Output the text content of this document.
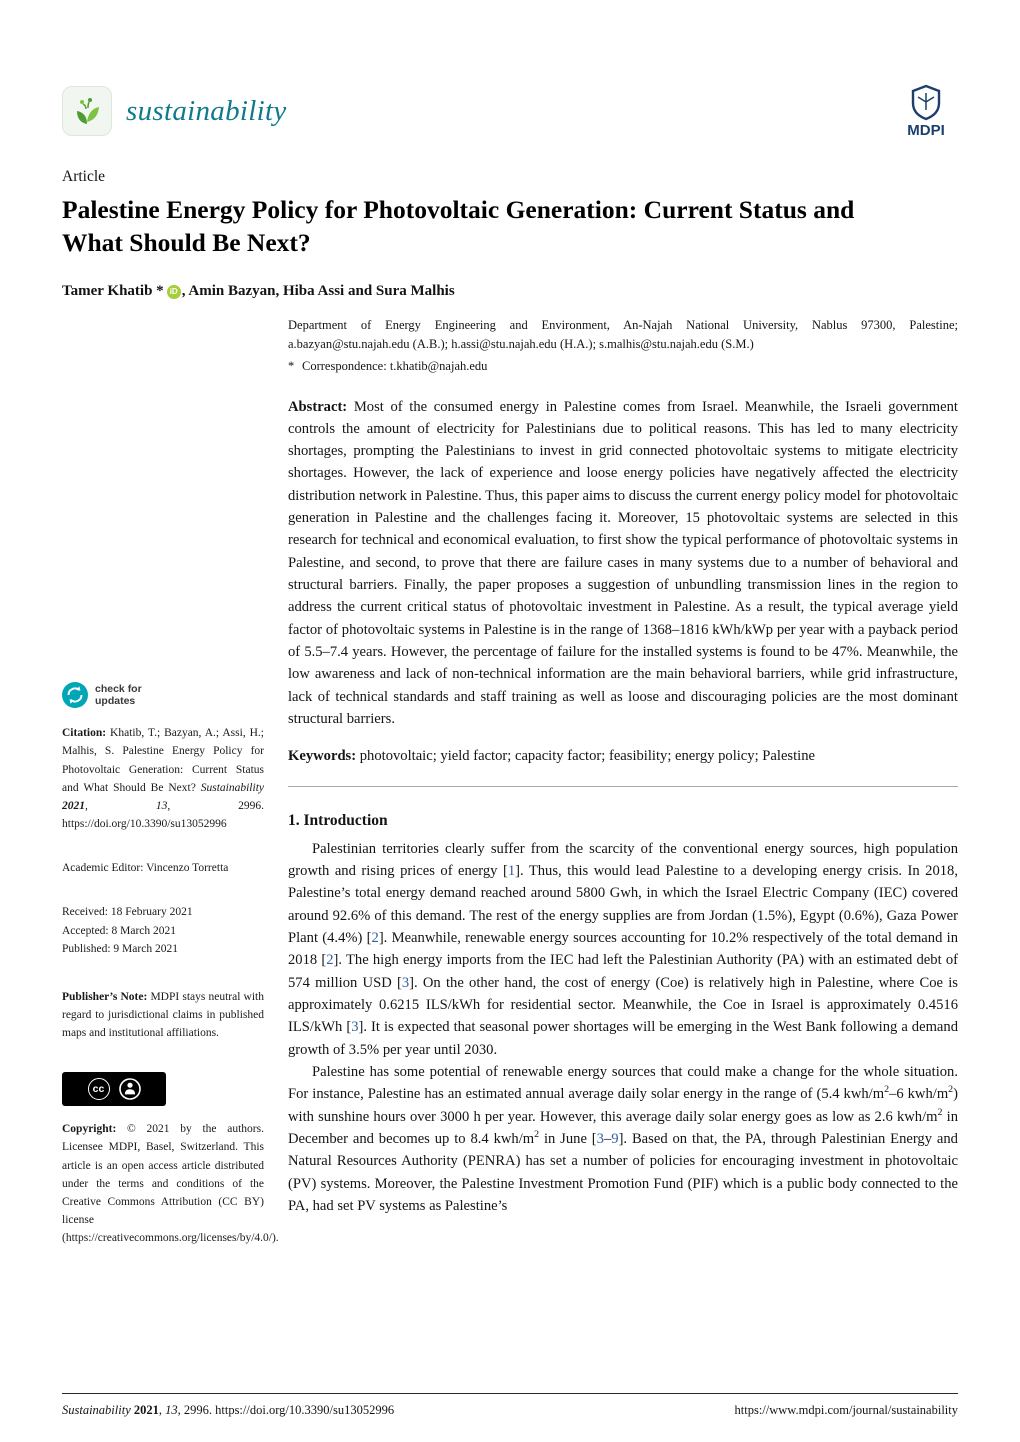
sustainability
MDPI
Article
Palestine Energy Policy for Photovoltaic Generation: Current Status and What Should Be Next?
Tamer Khatib * iD , Amin Bazyan, Hiba Assi and Sura Malhis
check for
updates
Citation: Khatib, T.; Bazyan, A.; Assi, H.; Malhis, S. Palestine Energy Policy for Photovoltaic Generation: Current Status and What Should Be Next? Sustainability 2021, 13, 2996. https://doi.org/10.3390/su13052996
Academic Editor: Vincenzo Torretta
Received: 18 February 2021
Accepted: 8 March 2021
Published: 9 March 2021
Publisher’s Note: MDPI stays neutral with regard to jurisdictional claims in published maps and institutional affiliations.
cc
Copyright: © 2021 by the authors. Licensee MDPI, Basel, Switzerland. This article is an open access article distributed under the terms and conditions of the Creative Commons Attribution (CC BY) license (https://creativecommons.org/licenses/by/4.0/).
Department of Energy Engineering and Environment, An-Najah National University, Nablus 97300, Palestine; a.bazyan@stu.najah.edu (A.B.); h.assi@stu.najah.edu (H.A.); s.malhis@stu.najah.edu (S.M.)
* Correspondence: t.khatib@najah.edu
Abstract: Most of the consumed energy in Palestine comes from Israel. Meanwhile, the Israeli government controls the amount of electricity for Palestinians due to political reasons. This has led to many electricity shortages, prompting the Palestinians to invest in grid connected photovoltaic systems to mitigate electricity shortages. However, the lack of experience and loose energy policies have negatively affected the electricity distribution network in Palestine. Thus, this paper aims to discuss the current energy policy model for photovoltaic generation in Palestine and the challenges facing it. Moreover, 15 photovoltaic systems are selected in this research for technical and economical evaluation, to first show the typical performance of photovoltaic systems in Palestine, and second, to prove that there are failure cases in many systems due to a number of behavioral and structural barriers. Finally, the paper proposes a suggestion of unbundling transmission lines in the region to address the current critical status of photovoltaic investment in Palestine. As a result, the typical average yield factor of photovoltaic systems in Palestine is in the range of 1368–1816 kWh/kWp per year with a payback period of 5.5–7.4 years. However, the percentage of failure for the installed systems is found to be 47%. Meanwhile, the low awareness and lack of non-technical information are the main behavioral barriers, while grid infrastructure, lack of technical standards and staff training as well as loose and discouraging policies are the most dominant structural barriers.
Keywords: photovoltaic; yield factor; capacity factor; feasibility; energy policy; Palestine
1. Introduction

Palestinian territories clearly suffer from the scarcity of the conventional energy sources, high population growth and rising prices of energy [1]. Thus, this would lead Palestine to a developing energy crisis. In 2018, Palestine’s total energy demand reached around 5800 Gwh, in which the Israel Electric Company (IEC) covered around 92.6% of this demand. The rest of the energy supplies are from Jordan (1.5%), Egypt (0.6%), Gaza Power Plant (4.4%) [2]. Meanwhile, renewable energy sources accounting for 10.2% respectively of the total demand in 2018 [2]. The high energy imports from the IEC had left the Palestinian Authority (PA) with an estimated debt of 574 million USD [3]. On the other hand, the cost of energy (Coe) is relatively high in Palestine, where Coe is approximately 0.6215 ILS/kWh for residential sector. Meanwhile, the Coe in Israel is approximately 0.4516 ILS/kWh [3]. It is expected that seasonal power shortages will be emerging in the West Bank following a demand growth of 3.5% per year until 2030.

Palestine has some potential of renewable energy sources that could make a change for the whole situation. For instance, Palestine has an estimated annual average daily solar energy in the range of (5.4 kwh/$m^2-6$ kwh/$m^2$) with sunshine hours over 3000 h per year. However, this average daily solar energy goes as low as 2.6 kwh/$m^2$ in December and becomes up to 8.4 kwh/$m^2$ in June [3–9]. Based on that, the PA, through Palestinian Energy and Natural Resources Authority (PENRA) has set a number of policies for encouraging investment in photovoltaic (PV) systems. Moreover, the Palestine Investment Promotion Fund (PIF) which is a public body connected to the PA, had set PV systems as Palestine’s

Sustainability 2021, 13, 2996. https://doi.org/10.3390/su13052996	https://www.mdpi.com/journal/sustainability
